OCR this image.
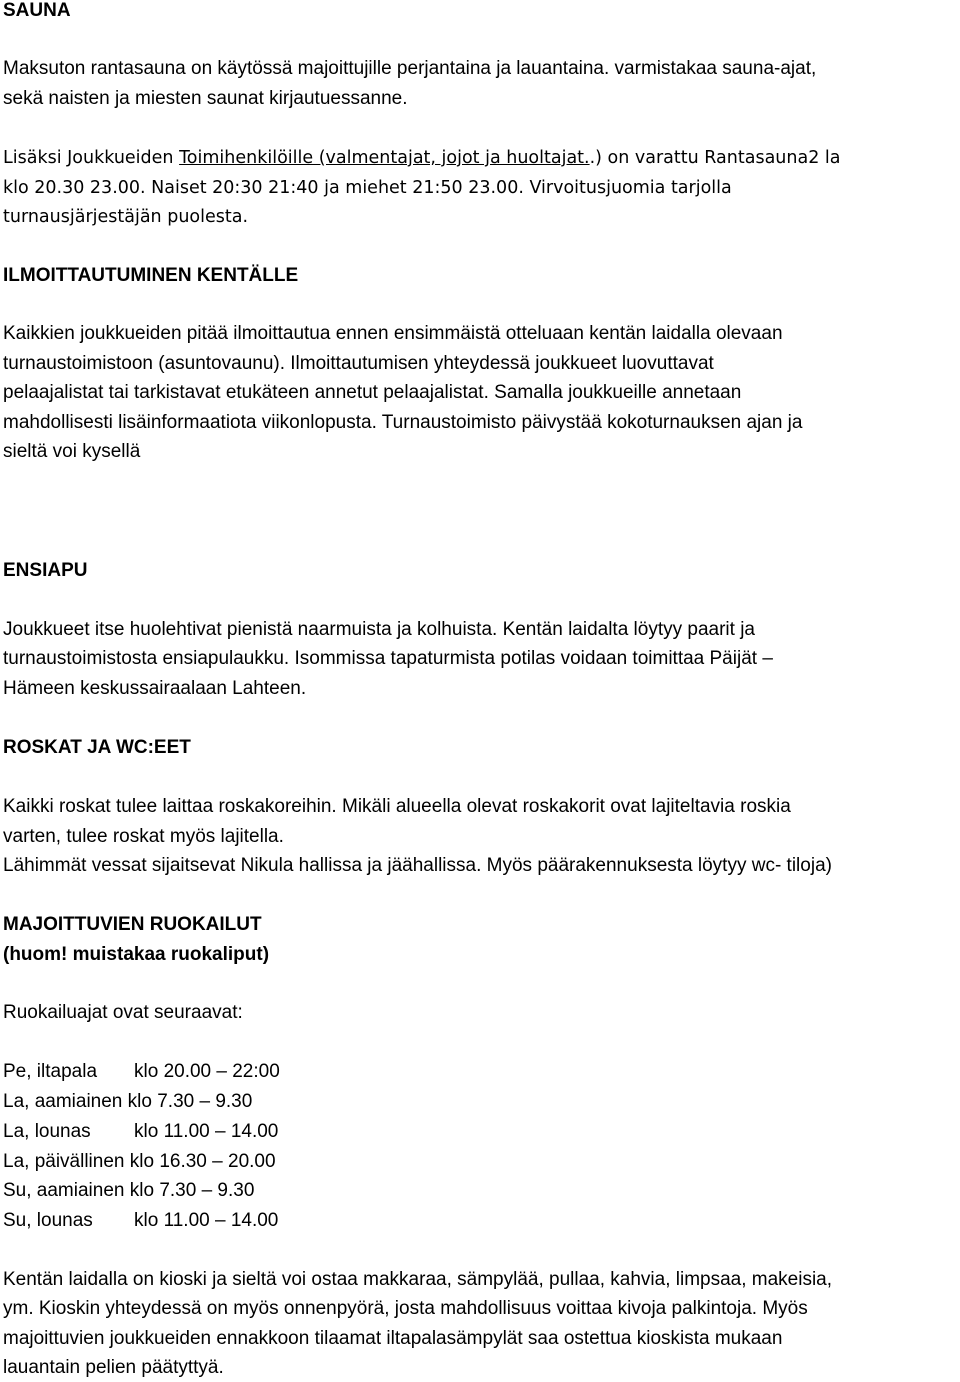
SAUNA
Maksuton rantasauna on käytössä majoittujille perjantaina ja lauantaina. varmistakaa sauna-ajat,
sekä naisten ja miesten saunat kirjautuessanne.
Lisäksi Joukkueiden Toimihenkilöille (valmentajat, jojot ja huoltajat..) on varattu Rantasauna2 la
klo 20.30 23.00. Naiset 20:30 21:40 ja miehet 21:50 23.00. Virvoitusjuomia tarjolla
turnausjärjestäjän puolesta.
ILMOITTAUTUMINEN KENTÄLLE
Kaikkien joukkueiden pitää ilmoittautua ennen ensimmäistä otteluaan kentän laidalla olevaan
turnaustoimistoon (asuntovaunu). Ilmoittautumisen yhteydessä joukkueet luovuttavat
pelaajalistat tai tarkistavat etukäteen annetut pelaajalistat. Samalla joukkueille annetaan
mahdollisesti lisäinformaatiota viikonlopusta. Turnaustoimisto päivystää kokoturnauksen ajan ja
sieltä voi kysellä
ENSIAPU
Joukkueet itse huolehtivat pienistä naarmuista ja kolhuista. Kentän laidalta löytyy paarit ja
turnaustoimistosta ensiapulaukku. Isommissa tapaturmista potilas voidaan toimittaa Päijät –
Hämeen keskussairaalaan Lahteen.
ROSKAT JA WC:EET
Kaikki roskat tulee laittaa roskakoreihin. Mikäli alueella olevat roskakorit ovat lajiteltavia roskia
varten, tulee roskat myös lajitella.
Lähimmät vessat sijaitsevat Nikula hallissa ja jäähallissa. Myös päärakennuksesta löytyy wc- tiloja)
MAJOITTUVIEN RUOKAILUT
(huom! muistakaa ruokaliput)
Ruokailuajat ovat seuraavat:
Pe, iltapala klo 20.00 – 22:00
La, aamiainen klo 7.30 – 9.30
La, lounas klo 11.00 – 14.00
La, päivällinen klo 16.30 – 20.00
Su, aamiainen klo 7.30 – 9.30
Su, lounas klo 11.00 – 14.00
Kentän laidalla on kioski ja sieltä voi ostaa makkaraa, sämpylää, pullaa, kahvia, limpsaa, makeisia,
ym. Kioskin yhteydessä on myös onnenpyörä, josta mahdollisuus voittaa kivoja palkintoja. Myös
majoittuvien joukkueiden ennakkoon tilaamat iltapalasämpylät saa ostettua kioskista mukaan
lauantain pelien päätyttyä.
